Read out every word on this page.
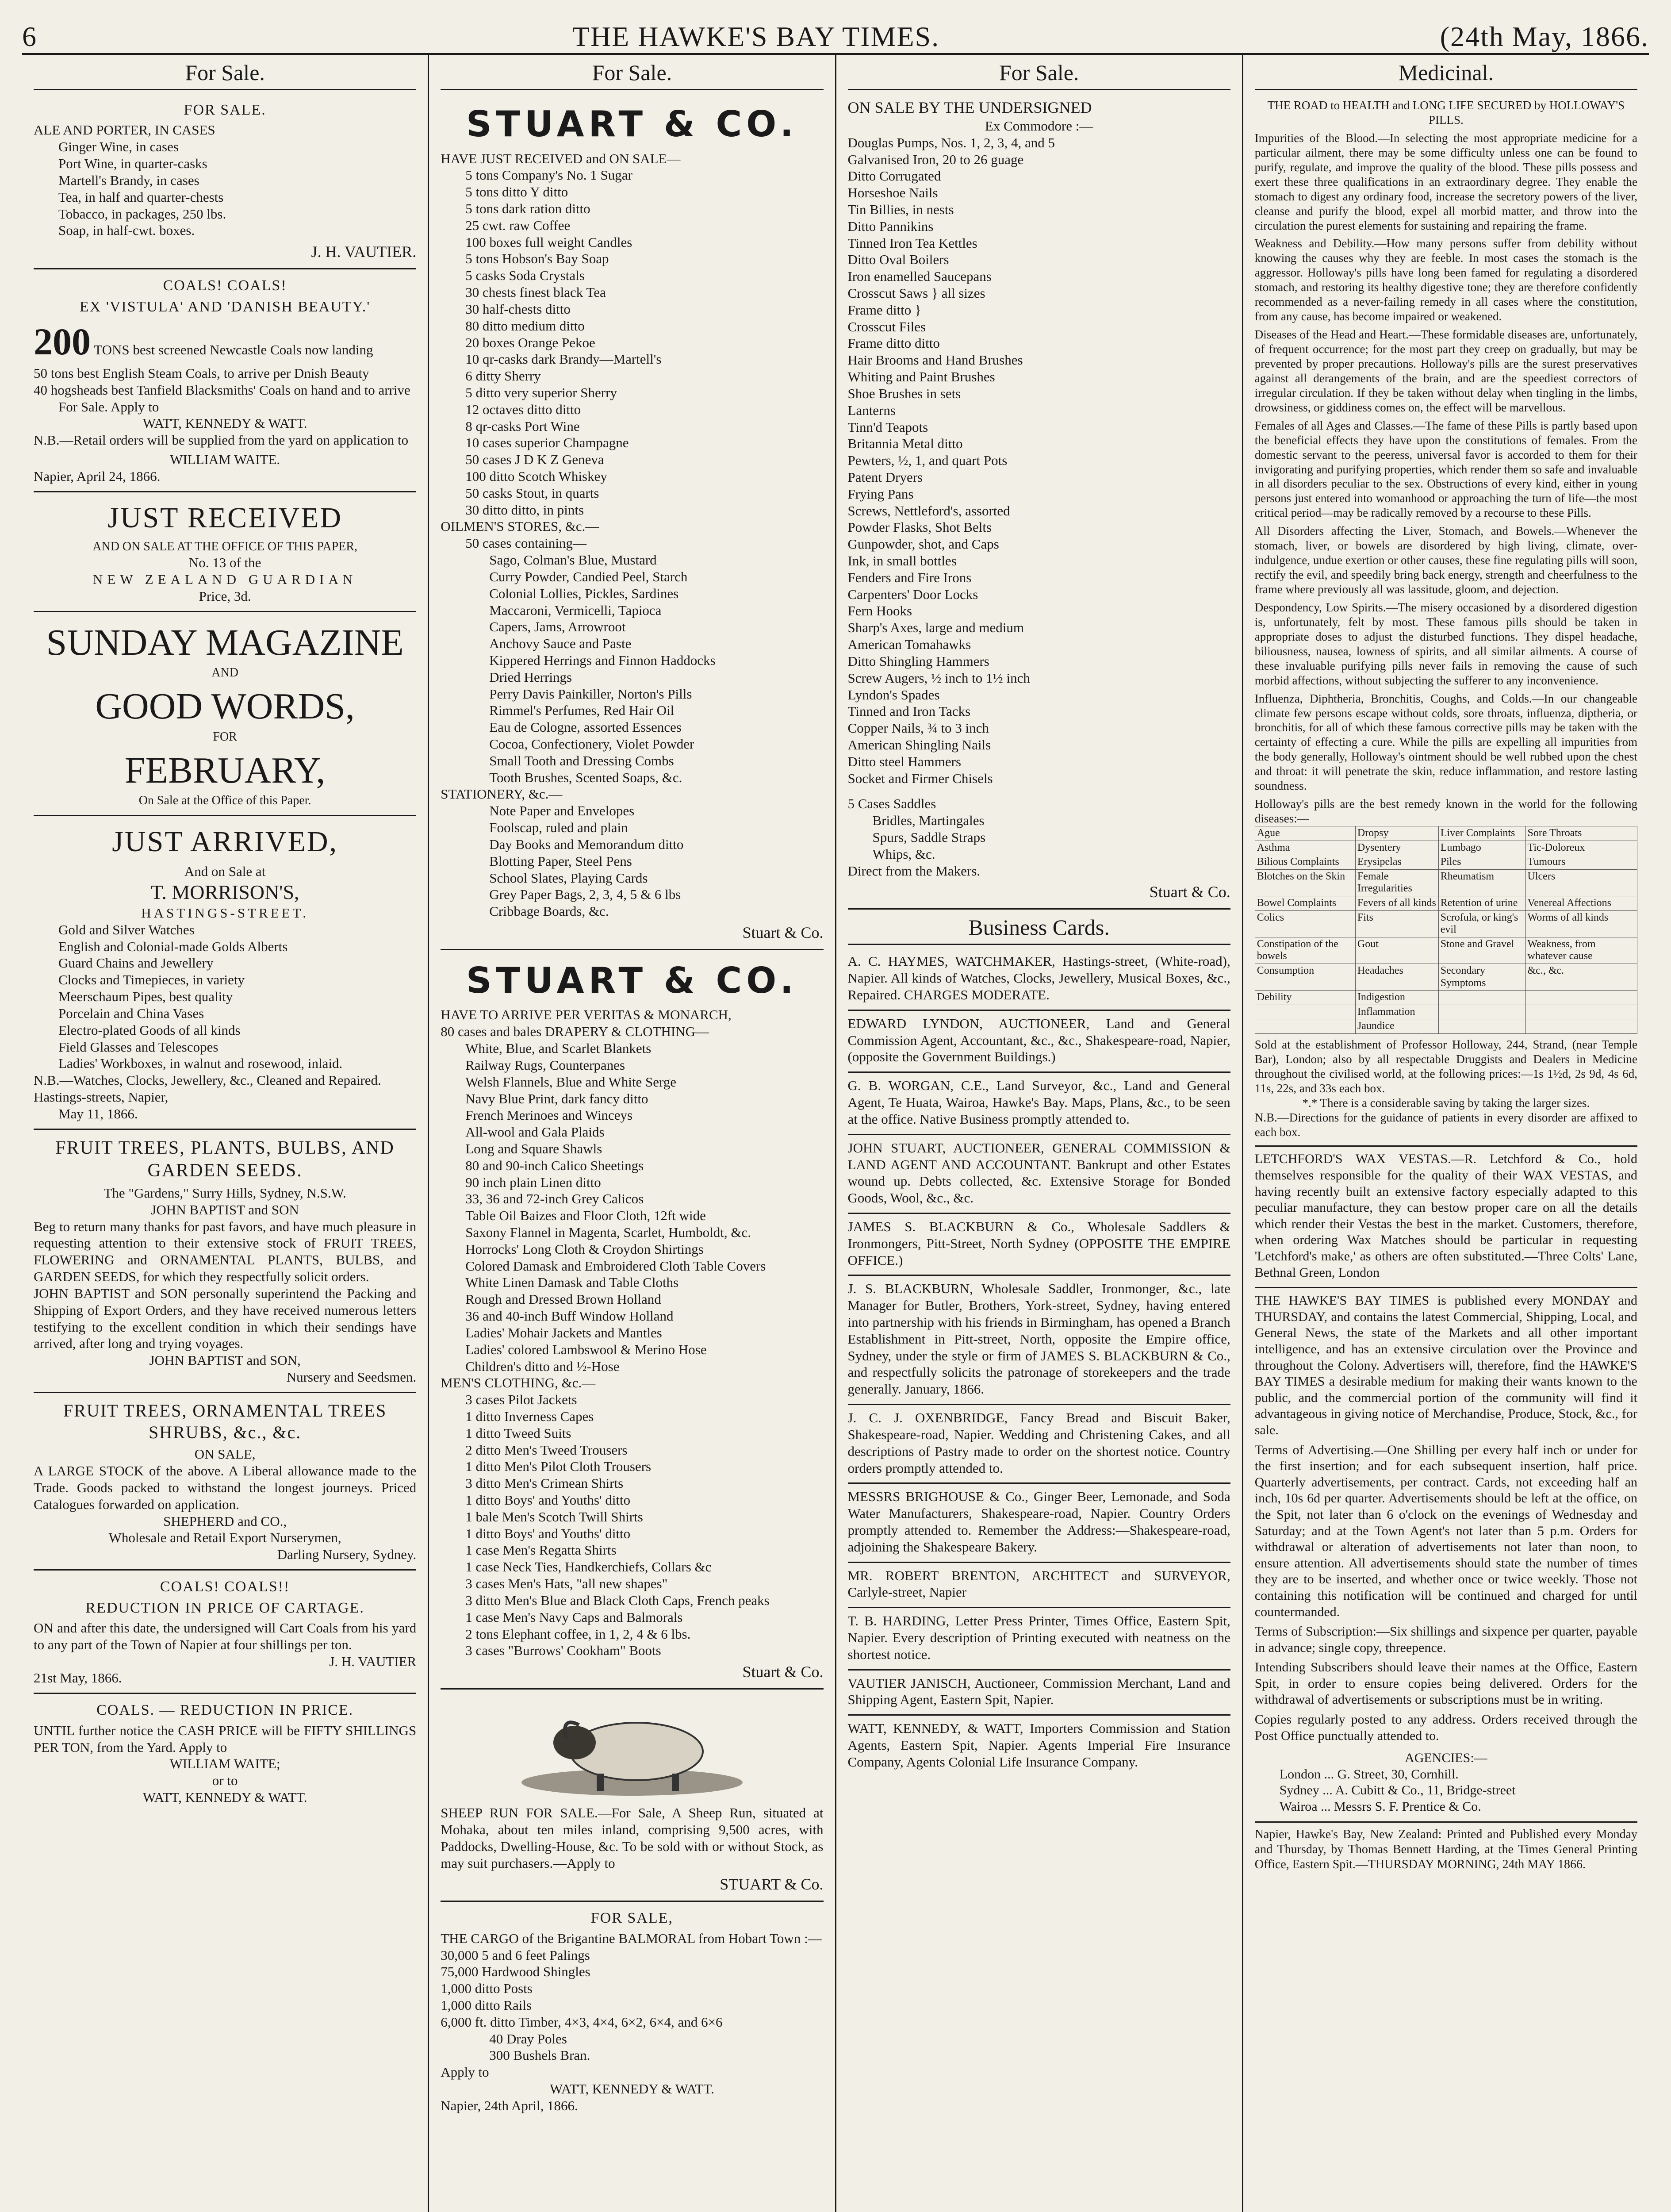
6	THE HAWKE'S BAY TIMES.	(24th May, 1866.
For Sale.
FOR SALE.

ALE AND PORTER, IN CASES

Ginger Wine, in cases

Port Wine, in quarter-casks

Martell's Brandy, in cases

Tea, in half and quarter-chests

Tobacco, in packages, 250 lbs.

Soap, in half-cwt. boxes.

J. H. VAUTIER.
COALS! COALS!
EX 'VISTULA' AND 'DANISH BEAUTY.'

200 TONS best screened Newcastle Coals now landing

50 tons best English Steam Coals, to arrive per Dnish Beauty

40 hogsheads best Tanfield Blacksmiths' Coals on hand and to arrive

For Sale. Apply to

WATT, KENNEDY & WATT.

N.B.—Retail orders will be supplied from the yard on application to

WILLIAM WAITE.

Napier, April 24, 1866.

JUST RECEIVED

AND ON SALE AT THE OFFICE OF THIS PAPER,

No. 13 of the

NEW ZEALAND GUARDIAN

Price, 3d.

SUNDAY MAGAZINE

AND

GOOD WORDS,

FOR

FEBRUARY,

On Sale at the Office of this Paper.

JUST ARRIVED,

And on Sale at

T. MORRISON'S,

HASTINGS-STREET.

Gold and Silver Watches

English and Colonial-made Golds Alberts

Guard Chains and Jewellery

Clocks and Timepieces, in variety

Meerschaum Pipes, best quality

Porcelain and China Vases

Electro-plated Goods of all kinds

Field Glasses and Telescopes

Ladies' Workboxes, in walnut and rosewood, inlaid.

N.B.—Watches, Clocks, Jewellery, &c., Cleaned and Repaired.

Hastings-streets, Napier,

May 11, 1866.

FRUIT TREES, PLANTS, BULBS, AND GARDEN SEEDS.

The "Gardens," Surry Hills, Sydney, N.S.W.

JOHN BAPTIST and SON

Beg to return many thanks for past favors, and have much pleasure in requesting attention to their extensive stock of FRUIT TREES, FLOWERING and ORNAMENTAL PLANTS, BULBS, and GARDEN SEEDS, for which they respectfully solicit orders.

JOHN BAPTIST and SON personally superintend the Packing and Shipping of Export Orders, and they have received numerous letters testifying to the excellent condition in which their sendings have arrived, after long and trying voyages.

JOHN BAPTIST and SON,

Nursery and Seedsmen.

FRUIT TREES, ORNAMENTAL TREES SHRUBS, &c., &c.

ON SALE,

A LARGE STOCK of the above. A Liberal allowance made to the Trade. Goods packed to withstand the longest journeys. Priced Catalogues forwarded on application.

SHEPHERD and CO.,

Wholesale and Retail Export Nurserymen,

Darling Nursery, Sydney.

COALS! COALS!!
REDUCTION IN PRICE OF CARTAGE.

ON and after this date, the undersigned will Cart Coals from his yard to any part of the Town of Napier at four shillings per ton.

J. H. VAUTIER

21st May, 1866.

COALS. — REDUCTION IN PRICE.

UNTIL further notice the CASH PRICE will be FIFTY SHILLINGS PER TON, from the Yard. Apply to

WILLIAM WAITE;

or to

WATT, KENNEDY & WATT.

For Sale.
STUART & CO.

HAVE JUST RECEIVED and ON SALE—

5 tons Company's No. 1 Sugar

5 tons ditto Y ditto

5 tons dark ration ditto

25 cwt. raw Coffee

100 boxes full weight Candles

5 tons Hobson's Bay Soap

5 casks Soda Crystals

30 chests finest black Tea

30 half-chests ditto

80 ditto medium ditto

20 boxes Orange Pekoe

10 qr-casks dark Brandy—Martell's

6 ditty Sherry

5 ditto very superior Sherry

12 octaves ditto ditto

8 qr-casks Port Wine

10 cases superior Champagne

50 cases J D K Z Geneva

100 ditto Scotch Whiskey

50 casks Stout, in quarts

30 ditto ditto, in pints

OILMEN'S STORES, &c.—

50 cases containing—

Sago, Colman's Blue, Mustard

Curry Powder, Candied Peel, Starch

Colonial Lollies, Pickles, Sardines

Maccaroni, Vermicelli, Tapioca

Capers, Jams, Arrowroot

Anchovy Sauce and Paste

Kippered Herrings and Finnon Haddocks

Dried Herrings

Perry Davis Painkiller, Norton's Pills

Rimmel's Perfumes, Red Hair Oil

Eau de Cologne, assorted Essences

Cocoa, Confectionery, Violet Powder

Small Tooth and Dressing Combs

Tooth Brushes, Scented Soaps, &c.

STATIONERY, &c.—

Note Paper and Envelopes

Foolscap, ruled and plain

Day Books and Memorandum ditto

Blotting Paper, Steel Pens

School Slates, Playing Cards

Grey Paper Bags, 2, 3, 4, 5 & 6 lbs

Cribbage Boards, &c.

Stuart & Co.
STUART & CO.

HAVE TO ARRIVE PER VERITAS & MONARCH,

80 cases and bales DRAPERY & CLOTHING—

White, Blue, and Scarlet Blankets

Railway Rugs, Counterpanes

Welsh Flannels, Blue and White Serge

Navy Blue Print, dark fancy ditto

French Merinoes and Winceys

All-wool and Gala Plaids

Long and Square Shawls

80 and 90-inch Calico Sheetings

90 inch plain Linen ditto

33, 36 and 72-inch Grey Calicos

Table Oil Baizes and Floor Cloth, 12ft wide

Saxony Flannel in Magenta, Scarlet, Humboldt, &c.

Horrocks' Long Cloth & Croydon Shirtings

Colored Damask and Embroidered Cloth Table Covers

White Linen Damask and Table Cloths

Rough and Dressed Brown Holland

36 and 40-inch Buff Window Holland

Ladies' Mohair Jackets and Mantles

Ladies' colored Lambswool & Merino Hose

Children's ditto and ½-Hose

MEN'S CLOTHING, &c.—

3 cases Pilot Jackets

1 ditto Inverness Capes

1 ditto Tweed Suits

2 ditto Men's Tweed Trousers

1 ditto Men's Pilot Cloth Trousers

3 ditto Men's Crimean Shirts

1 ditto Boys' and Youths' ditto

1 bale Men's Scotch Twill Shirts

1 ditto Boys' and Youths' ditto

1 case Men's Regatta Shirts

1 case Neck Ties, Handkerchiefs, Collars &c

3 cases Men's Hats, "all new shapes"

3 ditto Men's Blue and Black Cloth Caps, French peaks

1 case Men's Navy Caps and Balmorals

2 tons Elephant coffee, in 1, 2, 4 & 6 lbs.

3 cases "Burrows' Cookham" Boots

Stuart & Co.

SHEEP RUN FOR SALE.—For Sale, A Sheep Run, situated at Mohaka, about ten miles inland, comprising 9,500 acres, with Paddocks, Dwelling-House, &c. To be sold with or without Stock, as may suit purchasers.—Apply to

STUART & Co.
FOR SALE,

THE CARGO of the Brigantine BALMORAL from Hobart Town :—

30,000 5 and 6 feet Palings

75,000 Hardwood Shingles

1,000 ditto Posts

1,000 ditto Rails

6,000 ft. ditto Timber, 4×3, 4×4, 6×2, 6×4, and 6×6

40 Dray Poles

300 Bushels Bran.

Apply to

WATT, KENNEDY & WATT.

Napier, 24th April, 1866.

For Sale.

ON SALE BY THE UNDERSIGNED

Ex Commodore :—

Douglas Pumps, Nos. 1, 2, 3, 4, and 5

Galvanised Iron, 20 to 26 guage

Ditto Corrugated

Horseshoe Nails

Tin Billies, in nests

Ditto Pannikins

Tinned Iron Tea Kettles

Ditto Oval Boilers

Iron enamelled Saucepans

Crosscut Saws } all sizes

Frame ditto }

Crosscut Files

Frame ditto ditto

Hair Brooms and Hand Brushes

Whiting and Paint Brushes

Shoe Brushes in sets

Lanterns

Tinn'd Teapots

Britannia Metal ditto

Pewters, ½, 1, and quart Pots

Patent Dryers

Frying Pans

Screws, Nettleford's, assorted

Powder Flasks, Shot Belts

Gunpowder, shot, and Caps

Ink, in small bottles

Fenders and Fire Irons

Carpenters' Door Locks

Fern Hooks

Sharp's Axes, large and medium

American Tomahawks

Ditto Shingling Hammers

Screw Augers, ½ inch to 1½ inch

Lyndon's Spades

Tinned and Iron Tacks

Copper Nails, ¾ to 3 inch

American Shingling Nails

Ditto steel Hammers

Socket and Firmer Chisels

5 Cases Saddles

Bridles, Martingales

Spurs, Saddle Straps

Whips, &c.

Direct from the Makers.

Stuart & Co.
Business Cards.
A. C. HAYMES, WATCHMAKER, Hastings-street, (White-road), Napier. All kinds of Watches, Clocks, Jewellery, Musical Boxes, &c., Repaired. CHARGES MODERATE.
EDWARD LYNDON, AUCTIONEER, Land and General Commission Agent, Accountant, &c., &c., Shakespeare-road, Napier, (opposite the Government Buildings.)
G. B. WORGAN, C.E., Land Surveyor, &c., Land and General Agent, Te Huata, Wairoa, Hawke's Bay. Maps, Plans, &c., to be seen at the office. Native Business promptly attended to.
JOHN STUART, AUCTIONEER, GENERAL COMMISSION & LAND AGENT AND ACCOUNTANT. Bankrupt and other Estates wound up. Debts collected, &c. Extensive Storage for Bonded Goods, Wool, &c., &c.
JAMES S. BLACKBURN & Co., Wholesale Saddlers & Ironmongers, Pitt-Street, North Sydney (OPPOSITE THE EMPIRE OFFICE.)
J. S. BLACKBURN, Wholesale Saddler, Ironmonger, &c., late Manager for Butler, Brothers, York-street, Sydney, having entered into partnership with his friends in Birmingham, has opened a Branch Establishment in Pitt-street, North, opposite the Empire office, Sydney, under the style or firm of JAMES S. BLACKBURN & Co., and respectfully solicits the patronage of storekeepers and the trade generally. January, 1866.
J. C. J. OXENBRIDGE, Fancy Bread and Biscuit Baker, Shakespeare-road, Napier. Wedding and Christening Cakes, and all descriptions of Pastry made to order on the shortest notice. Country orders promptly attended to.
MESSRS BRIGHOUSE & Co., Ginger Beer, Lemonade, and Soda Water Manufacturers, Shakespeare-road, Napier. Country Orders promptly attended to. Remember the Address:—Shakespeare-road, adjoining the Shakespeare Bakery.
MR. ROBERT BRENTON, ARCHITECT and SURVEYOR, Carlyle-street, Napier
T. B. HARDING, Letter Press Printer, Times Office, Eastern Spit, Napier. Every description of Printing executed with neatness on the shortest notice.
VAUTIER JANISCH, Auctioneer, Commission Merchant, Land and Shipping Agent, Eastern Spit, Napier.
WATT, KENNEDY, & WATT, Importers Commission and Station Agents, Eastern Spit, Napier. Agents Imperial Fire Insurance Company, Agents Colonial Life Insurance Company.
Medicinal.

THE ROAD to HEALTH and LONG LIFE SECURED by HOLLOWAY'S PILLS.

Impurities of the Blood.—In selecting the most appropriate medicine for a particular ailment, there may be some difficulty unless one can be found to purify, regulate, and improve the quality of the blood. These pills possess and exert these three qualifications in an extraordinary degree. They enable the stomach to digest any ordinary food, increase the secretory powers of the liver, cleanse and purify the blood, expel all morbid matter, and throw into the circulation the purest elements for sustaining and repairing the frame.

Weakness and Debility.—How many persons suffer from debility without knowing the causes why they are feeble. In most cases the stomach is the aggressor. Holloway's pills have long been famed for regulating a disordered stomach, and restoring its healthy digestive tone; they are therefore confidently recommended as a never-failing remedy in all cases where the constitution, from any cause, has become impaired or weakened.

Diseases of the Head and Heart.—These formidable diseases are, unfortunately, of frequent occurrence; for the most part they creep on gradually, but may be prevented by proper precautions. Holloway's pills are the surest preservatives against all derangements of the brain, and are the speediest correctors of irregular circulation. If they be taken without delay when tingling in the limbs, drowsiness, or giddiness comes on, the effect will be marvellous.

Females of all Ages and Classes.—The fame of these Pills is partly based upon the beneficial effects they have upon the constitutions of females. From the domestic servant to the peeress, universal favor is accorded to them for their invigorating and purifying properties, which render them so safe and invaluable in all disorders peculiar to the sex. Obstructions of every kind, either in young persons just entered into womanhood or approaching the turn of life—the most critical period—may be radically removed by a recourse to these Pills.

All Disorders affecting the Liver, Stomach, and Bowels.—Whenever the stomach, liver, or bowels are disordered by high living, climate, over-indulgence, undue exertion or other causes, these fine regulating pills will soon, rectify the evil, and speedily bring back energy, strength and cheerfulness to the frame where previously all was lassitude, gloom, and dejection.

Despondency, Low Spirits.—The misery occasioned by a disordered digestion is, unfortunately, felt by most. These famous pills should be taken in appropriate doses to adjust the disturbed functions. They dispel headache, biliousness, nausea, lowness of spirits, and all similar ailments. A course of these invaluable purifying pills never fails in removing the cause of such morbid affections, without subjecting the sufferer to any inconvenience.

Influenza, Diphtheria, Bronchitis, Coughs, and Colds.—In our changeable climate few persons escape without colds, sore throats, influenza, diptheria, or bronchitis, for all of which these famous corrective pills may be taken with the certainty of effecting a cure. While the pills are expelling all impurities from the body generally, Holloway's ointment should be well rubbed upon the chest and throat: it will penetrate the skin, reduce inflammation, and restore lasting soundness.

Holloway's pills are the best remedy known in the world for the following diseases:—

Ague	Dropsy	Liver Complaints	Sore Throats
Asthma	Dysentery	Lumbago	Tic-Doloreux
Bilious Complaints	Erysipelas	Piles	Tumours
Blotches on the Skin	Female Irregularities	Rheumatism	Ulcers
Bowel Complaints	Fevers of all kinds	Retention of urine	Venereal Affections
Colics	Fits	Scrofula, or king's evil	Worms of all kinds
Constipation of the bowels	Gout	Stone and Gravel	Weakness, from whatever cause
Consumption	Headaches	Secondary Symptoms	&c., &c.
Debility	Indigestion		
	Inflammation		
	Jaundice		

Sold at the establishment of Professor Holloway, 244, Strand, (near Temple Bar), London; also by all respectable Druggists and Dealers in Medicine throughout the civilised world, at the following prices:—1s 1½d, 2s 9d, 4s 6d, 11s, 22s, and 33s each box.

*.* There is a considerable saving by taking the larger sizes.

N.B.—Directions for the guidance of patients in every disorder are affixed to each box.

LETCHFORD'S WAX VESTAS.—R. Letchford & Co., hold themselves responsible for the quality of their WAX VESTAS, and having recently built an extensive factory especially adapted to this peculiar manufacture, they can bestow proper care on all the details which render their Vestas the best in the market. Customers, therefore, when ordering Wax Matches should be particular in requesting 'Letchford's make,' as others are often substituted.—Three Colts' Lane, Bethnal Green, London

THE HAWKE'S BAY TIMES is published every MONDAY and THURSDAY, and contains the latest Commercial, Shipping, Local, and General News, the state of the Markets and all other important intelligence, and has an extensive circulation over the Province and throughout the Colony. Advertisers will, therefore, find the HAWKE'S BAY TIMES a desirable medium for making their wants known to the public, and the commercial portion of the community will find it advantageous in giving notice of Merchandise, Produce, Stock, &c., for sale.

Terms of Advertising.—One Shilling per every half inch or under for the first insertion; and for each subsequent insertion, half price. Quarterly advertisements, per contract. Cards, not exceeding half an inch, 10s 6d per quarter. Advertisements should be left at the office, on the Spit, not later than 6 o'clock on the evenings of Wednesday and Saturday; and at the Town Agent's not later than 5 p.m. Orders for withdrawal or alteration of advertisements not later than noon, to ensure attention. All advertisements should state the number of times they are to be inserted, and whether once or twice weekly. Those not containing this notification will be continued and charged for until countermanded.

Terms of Subscription:—Six shillings and sixpence per quarter, payable in advance; single copy, threepence.

Intending Subscribers should leave their names at the Office, Eastern Spit, in order to ensure copies being delivered. Orders for the withdrawal of advertisements or subscriptions must be in writing.

Copies regularly posted to any address. Orders received through the Post Office punctually attended to.

AGENCIES:—

London ... G. Street, 30, Cornhill.

Sydney ... A. Cubitt & Co., 11, Bridge-street

Wairoa ... Messrs S. F. Prentice & Co.

Napier, Hawke's Bay, New Zealand: Printed and Published every Monday and Thursday, by Thomas Bennett Harding, at the Times General Printing Office, Eastern Spit.—THURSDAY MORNING, 24th MAY 1866.
